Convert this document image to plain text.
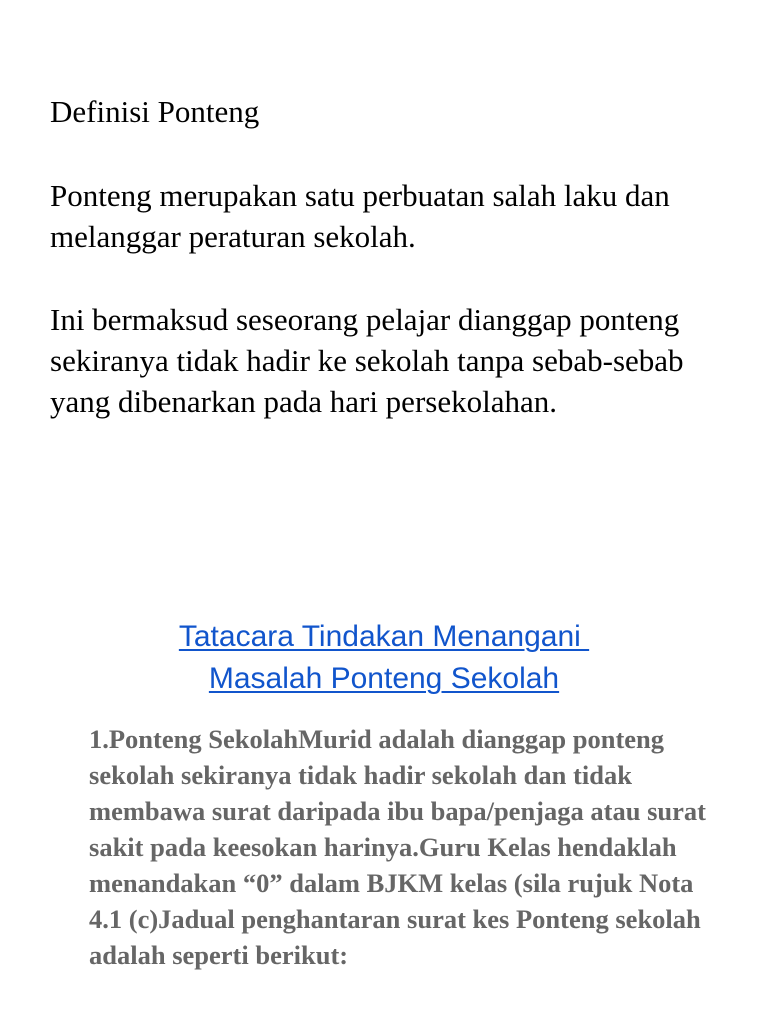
Definisi Ponteng

Ponteng merupakan satu perbuatan salah laku dan melanggar peraturan sekolah.

Ini bermaksud seseorang pelajar dianggap ponteng sekiranya tidak hadir ke sekolah tanpa sebab-sebab yang dibenarkan pada hari persekolahan.

Tatacara Tindakan Menangani
Masalah Ponteng Sekolah

1.Ponteng SekolahMurid adalah dianggap ponteng sekolah sekiranya tidak hadir sekolah dan tidak membawa surat daripada ibu bapa/penjaga atau surat sakit pada keesokan harinya.Guru Kelas hendaklah menandakan “0” dalam BJKM kelas (sila rujuk Nota 4.1 (c)Jadual penghantaran surat kes Ponteng sekolah adalah seperti berikut:
